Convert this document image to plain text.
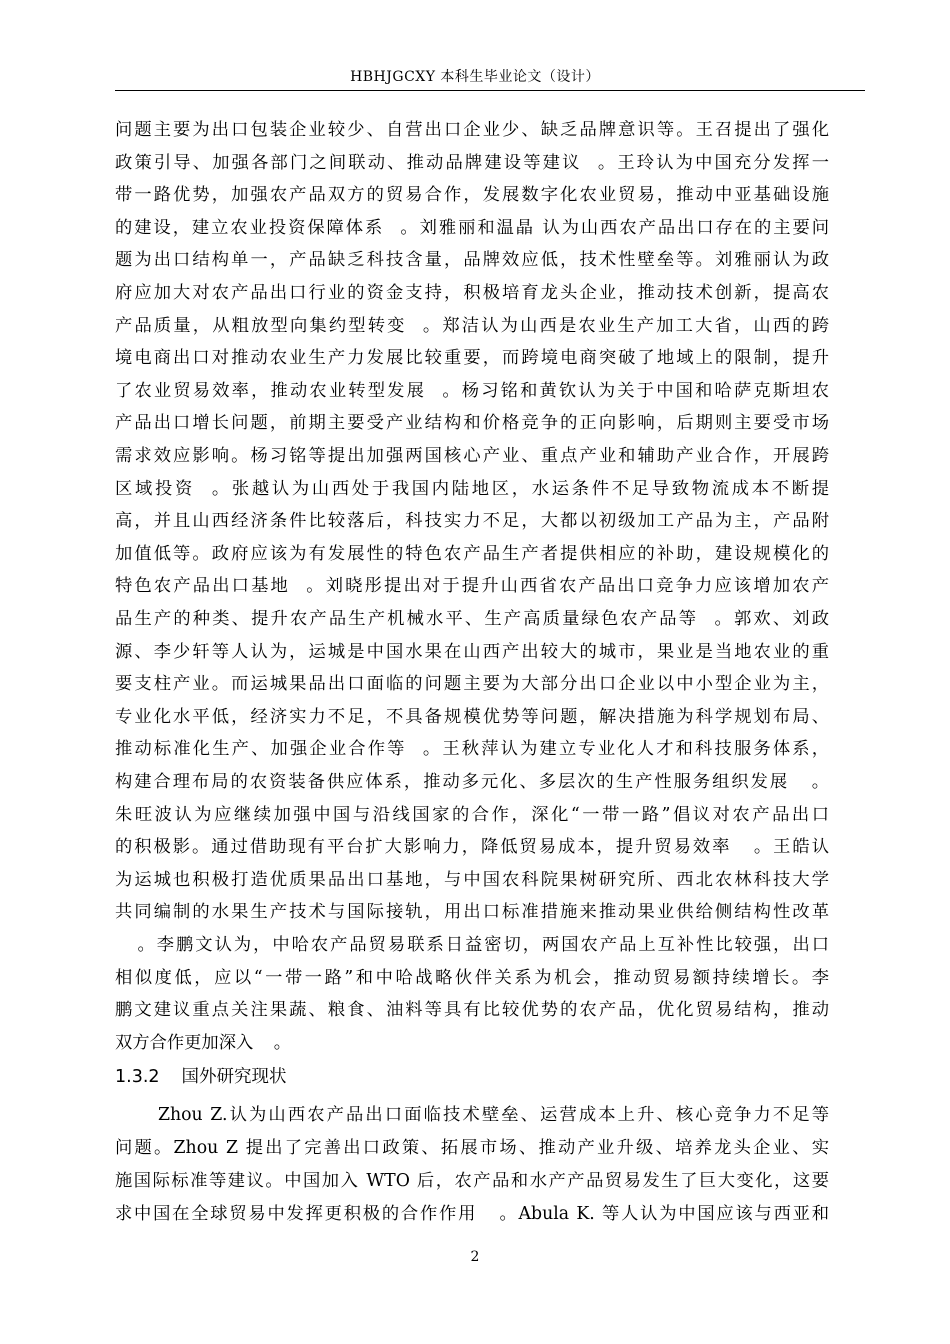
HBHJGCXY 本科生毕业论文（设计）
问题主要为出口包装企业较少、自营出口企业少、缺乏品牌意识等。王召提出了强化
政策引导、加强各部门之间联动、推动品牌建设等建议 。王玲认为中国充分发挥一
带一路优势，加强农产品双方的贸易合作，发展数字化农业贸易，推动中亚基础设施
的建设，建立农业投资保障体系 。刘雅丽和温晶 认为山西农产品出口存在的主要问
题为出口结构单一，产品缺乏科技含量，品牌效应低，技术性壁垒等。刘雅丽认为政
府应加大对农产品出口行业的资金支持，积极培育龙头企业，推动技术创新，提高农
产品质量，从粗放型向集约型转变 。郑洁认为山西是农业生产加工大省，山西的跨
境电商出口对推动农业生产力发展比较重要，而跨境电商突破了地域上的限制，提升
了农业贸易效率，推动农业转型发展 。杨习铭和黄钦认为关于中国和哈萨克斯坦农
产品出口增长问题，前期主要受产业结构和价格竞争的正向影响，后期则主要受市场
需求效应影响。杨习铭等提出加强两国核心产业、重点产业和辅助产业合作，开展跨
区域投资 。张越认为山西处于我国内陆地区，水运条件不足导致物流成本不断提
高，并且山西经济条件比较落后，科技实力不足，大都以初级加工产品为主，产品附
加值低等。政府应该为有发展性的特色农产品生产者提供相应的补助，建设规模化的
特色农产品出口基地 。刘晓彤提出对于提升山西省农产品出口竞争力应该增加农产
品生产的种类、提升农产品生产机械水平、生产高质量绿色农产品等 。郭欢、刘政
源、李少轩等人认为，运城是中国水果在山西产出较大的城市，果业是当地农业的重
要支柱产业。而运城果品出口面临的问题主要为大部分出口企业以中小型企业为主，
专业化水平低，经济实力不足，不具备规模优势等问题，解决措施为科学规划布局、
推动标准化生产、加强企业合作等 。王秋萍认为建立专业化人才和科技服务体系，
构建合理布局的农资装备供应体系，推动多元化、多层次的生产性服务组织发展 。
朱旺波认为应继续加强中国与沿线国家的合作，深化“一带一路”倡议对农产品出口
的积极影。通过借助现有平台扩大影响力，降低贸易成本，提升贸易效率 。王皓认
为运城也积极打造优质果品出口基地，与中国农科院果树研究所、西北农林科技大学
共同编制的水果生产技术与国际接轨，用出口标准措施来推动果业供给侧结构性改革
。李鹏文认为，中哈农产品贸易联系日益密切，两国农产品上互补性比较强，出口
相似度低，应以“一带一路”和中哈战略伙伴关系为机会，推动贸易额持续增长。李
鹏文建议重点关注果蔬、粮食、油料等具有比较优势的农产品，优化贸易结构，推动
双方合作更加深入 。
1.3.2 国外研究现状
Zhou Z.认为山西农产品出口面临技术壁垒、运营成本上升、核心竞争力不足等
问题。Zhou Z 提出了完善出口政策、拓展市场、推动产业升级、培养龙头企业、实
施国际标准等建议。中国加入 WTO 后，农产品和水产产品贸易发生了巨大变化，这要
求中国在全球贸易中发挥更积极的合作作用 。Abula K. 等人认为中国应该与西亚和
2
